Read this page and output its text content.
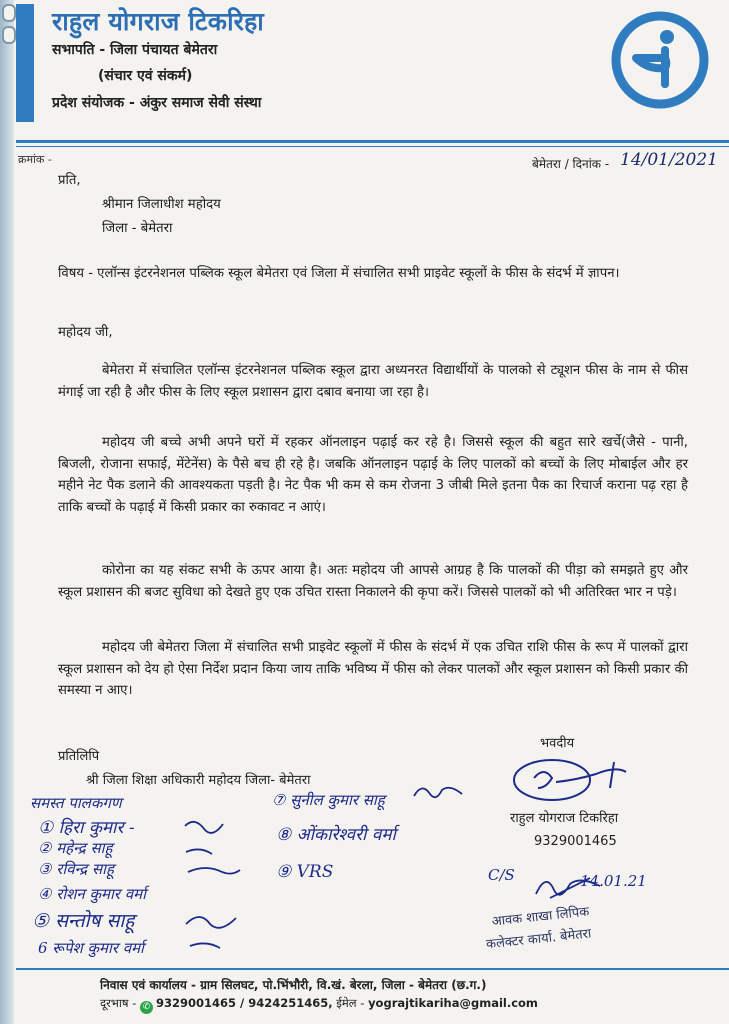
राहुल योगराज टिकरिहा
सभापति - जिला पंचायत बेमेतरा
(संचार एवं संकर्म)
प्रदेश संयोजक - अंकुर समाज सेवी संस्था
क्रमांक -	बेमेतरा / दिनांक - 14/01/2021
प्रति,
श्रीमान जिलाधीश महोदय
जिला - बेमेतरा
विषय - एलॉन्स इंटरनेशनल पब्लिक स्कूल बेमेतरा एवं जिला में संचालित सभी प्राइवेट स्कूलों के फीस के संदर्भ में ज्ञापन।
महोदय जी,
बेमेतरा में संचालित एलॉन्स इंटरनेशनल पब्लिक स्कूल द्वारा अध्यनरत विद्यार्थीयों के पालको से ट्यूशन फीस के नाम से फीस मंगाई जा रही है और फीस के लिए स्कूल प्रशासन द्वारा दबाव बनाया जा रहा है।
महोदय जी बच्चे अभी अपने घरों में रहकर ऑनलाइन पढ़ाई कर रहे है। जिससे स्कूल की बहुत सारे खर्चे(जैसे - पानी, बिजली, रोजाना सफाई, मेंटेनेंस) के पैसे बच ही रहे है। जबकि ऑनलाइन पढ़ाई के लिए पालकों को बच्चों के लिए मोबाईल और हर महीने नेट पैक डलाने की आवश्यकता पड़ती है। नेट पैक भी कम से कम रोजना 3 जीबी मिले इतना पैक का रिचार्ज कराना पढ़ रहा है ताकि बच्चों के पढ़ाई में किसी प्रकार का रुकावट न आएं।
कोरोना का यह संकट सभी के ऊपर आया है। अतः महोदय जी आपसे आग्रह है कि पालकों की पीड़ा को समझते हुए और स्कूल प्रशासन की बजट सुविधा को देखते हुए एक उचित रास्ता निकालने की कृपा करें। जिससे पालकों को भी अतिरिक्त भार न पड़े।
महोदय जी बेमेतरा जिला में संचालित सभी प्राइवेट स्कूलों में फीस के संदर्भ में एक उचित राशि फीस के रूप में पालकों द्वारा स्कूल प्रशासन को देय हो ऐसा निर्देश प्रदान किया जाय ताकि भविष्य में फीस को लेकर पालकों और स्कूल प्रशासन को किसी प्रकार की समस्या न आए।
प्रतिलिपि
श्री जिला शिक्षा अधिकारी महोदय जिला- बेमेतरा
भवदीय
राहुल योगराज टिकरिहा
9329001465
समस्त पालकगण
① हिरा कुमार -
② महेन्द्र साहू
③ रविन्द्र साहू
④ रोशन कुमार वर्मा
⑤ सन्तोष साहू
6 रूपेश कुमार वर्मा
⑦ सुनील कुमार साहू
⑧ ओंकारेश्वरी वर्मा
⑨ VRS	C/S	14.01.21
आवक शाखा लिपिक
कलेक्टर कार्या. बेमेतरा
निवास एवं कार्यालय - ग्राम सिलघट, पो.भिंभौरी, वि.खं. बेरला, जिला - बेमेतरा (छ.ग.)
दूरभाष - ✆ 9329001465 / 9424251465, ईमेल - yograjtikariha@gmail.com
